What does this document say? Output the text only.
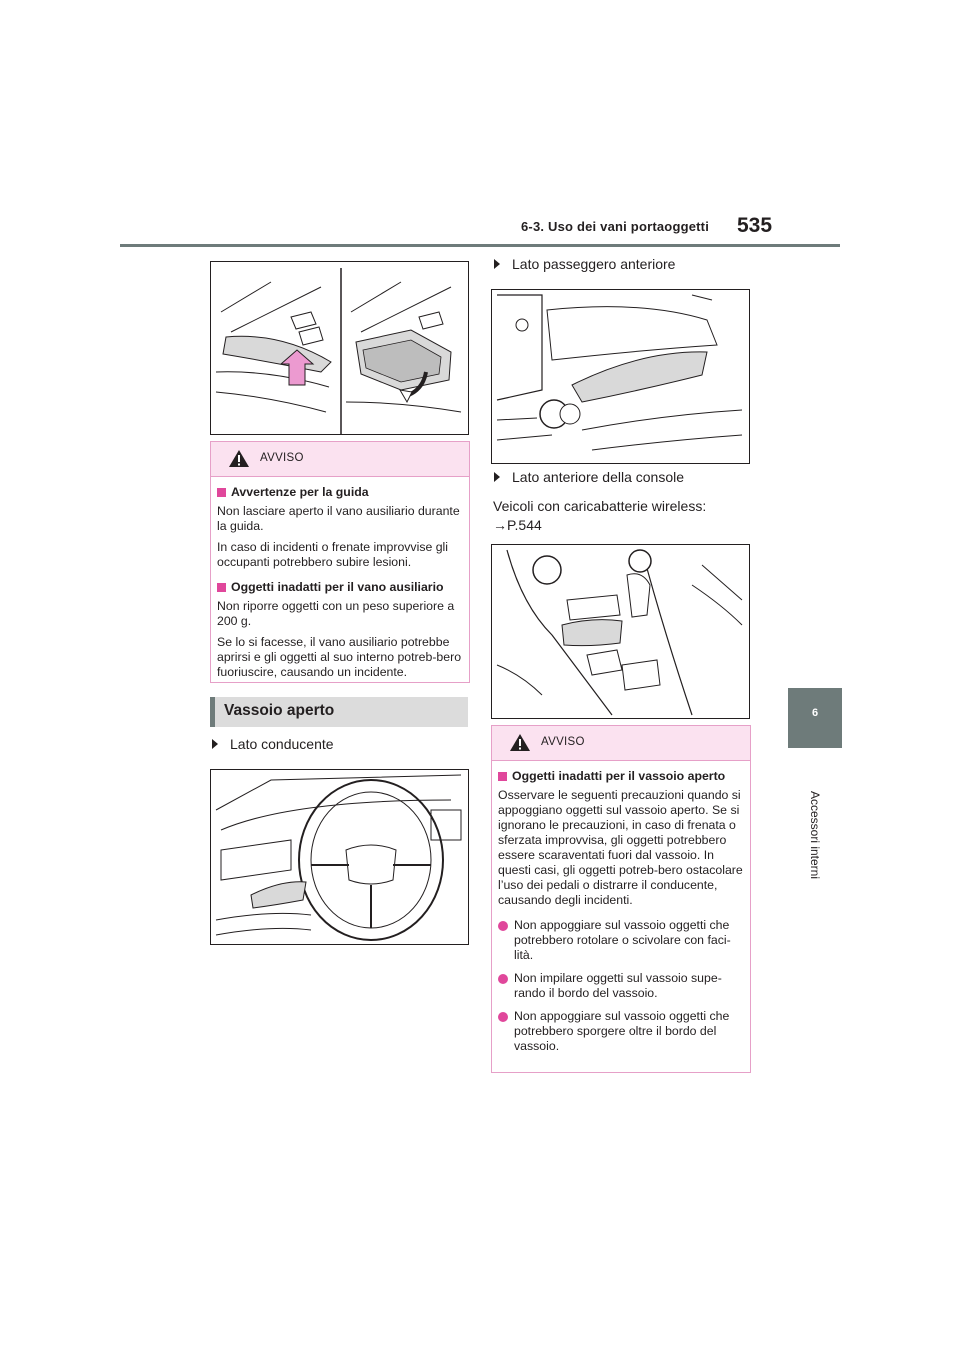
6-3. Uso dei vani portaoggetti 535
6
Accessori interni
AVVISO

Avvertenze per la guida

Non lasciare aperto il vano ausiliario durante la guida.

In caso di incidenti o frenate improvvise gli occupanti potrebbero subire lesioni.

Oggetti inadatti per il vano ausiliario

Non riporre oggetti con un peso superiore a 200 g.

Se lo si facesse, il vano ausiliario potrebbe aprirsi e gli oggetti al suo interno potreb-bero fuoriuscire, causando un incidente.

Vassoio aperto
Lato conducente
Lato passeggero anteriore
Lato anteriore della console
Veicoli con caricabatterie wireless:
→P.544
AVVISO

Oggetti inadatti per il vassoio aperto

Osservare le seguenti precauzioni quando si appoggiano oggetti sul vassoio aperto. Se si ignorano le precauzioni, in caso di frenata o sferzata improvvisa, gli oggetti potrebbero essere scaraventati fuori dal vassoio. In questi casi, gli oggetti potreb-bero ostacolare l’uso dei pedali o distrarre il conducente, causando degli incidenti.

Non appoggiare sul vassoio oggetti che potrebbero rotolare o scivolare con faci-lità.
Non impilare oggetti sul vassoio supe-rando il bordo del vassoio.
Non appoggiare sul vassoio oggetti che potrebbero sporgere oltre il bordo del vassoio.
